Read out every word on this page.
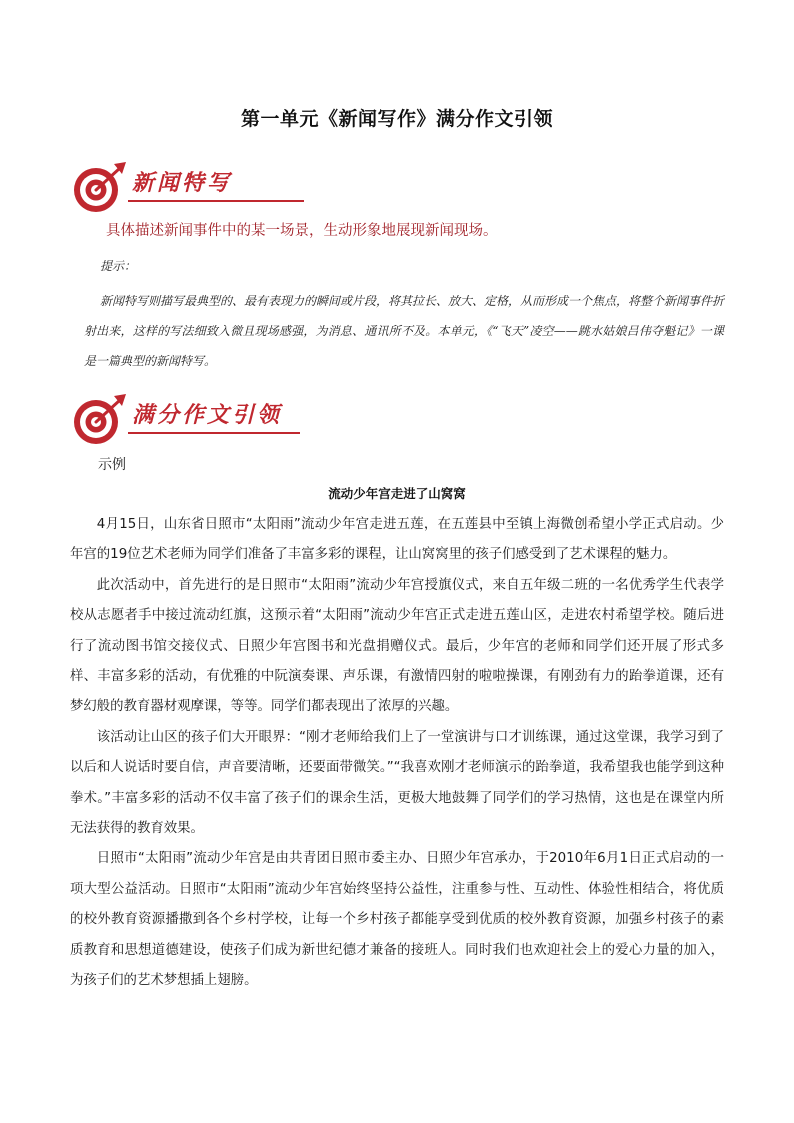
第一单元《新闻写作》满分作文引领
新闻特写
具体描述新闻事件中的某一场景，生动形象地展现新闻现场。
提示：
新闻特写则描写最典型的、最有表现力的瞬间或片段，将其拉长、放大、定格，从而形成一个焦点，将整个新闻事件折射出来，这样的写法细致入微且现场感强，为消息、通讯所不及。本单元，《“飞天”凌空——跳水姑娘吕伟夺魁记》一课是一篇典型的新闻特写。
满分作文引领
示例
流动少年宫走进了山窝窝

4月15日，山东省日照市“太阳雨”流动少年宫走进五莲，在五莲县中至镇上海微创希望小学正式启动。少年宫的19位艺术老师为同学们准备了丰富多彩的课程，让山窝窝里的孩子们感受到了艺术课程的魅力。

此次活动中，首先进行的是日照市“太阳雨”流动少年宫授旗仪式，来自五年级二班的一名优秀学生代表学校从志愿者手中接过流动红旗，这预示着“太阳雨”流动少年宫正式走进五莲山区，走进农村希望学校。随后进行了流动图书馆交接仪式、日照少年宫图书和光盘捐赠仪式。最后，少年宫的老师和同学们还开展了形式多样、丰富多彩的活动，有优雅的中阮演奏课、声乐课，有激情四射的啦啦操课，有刚劲有力的跆拳道课，还有梦幻般的教育器材观摩课，等等。同学们都表现出了浓厚的兴趣。

该活动让山区的孩子们大开眼界：“刚才老师给我们上了一堂演讲与口才训练课，通过这堂课，我学习到了以后和人说话时要自信，声音要清晰，还要面带微笑。”“我喜欢刚才老师演示的跆拳道，我希望我也能学到这种拳术。”丰富多彩的活动不仅丰富了孩子们的课余生活，更极大地鼓舞了同学们的学习热情，这也是在课堂内所无法获得的教育效果。

日照市“太阳雨”流动少年宫是由共青团日照市委主办、日照少年宫承办，于2010年6月1日正式启动的一项大型公益活动。日照市“太阳雨”流动少年宫始终坚持公益性，注重参与性、互动性、体验性相结合，将优质的校外教育资源播撒到各个乡村学校，让每一个乡村孩子都能享受到优质的校外教育资源，加强乡村孩子的素质教育和思想道德建设，使孩子们成为新世纪德才兼备的接班人。同时我们也欢迎社会上的爱心力量的加入，为孩子们的艺术梦想插上翅膀。
